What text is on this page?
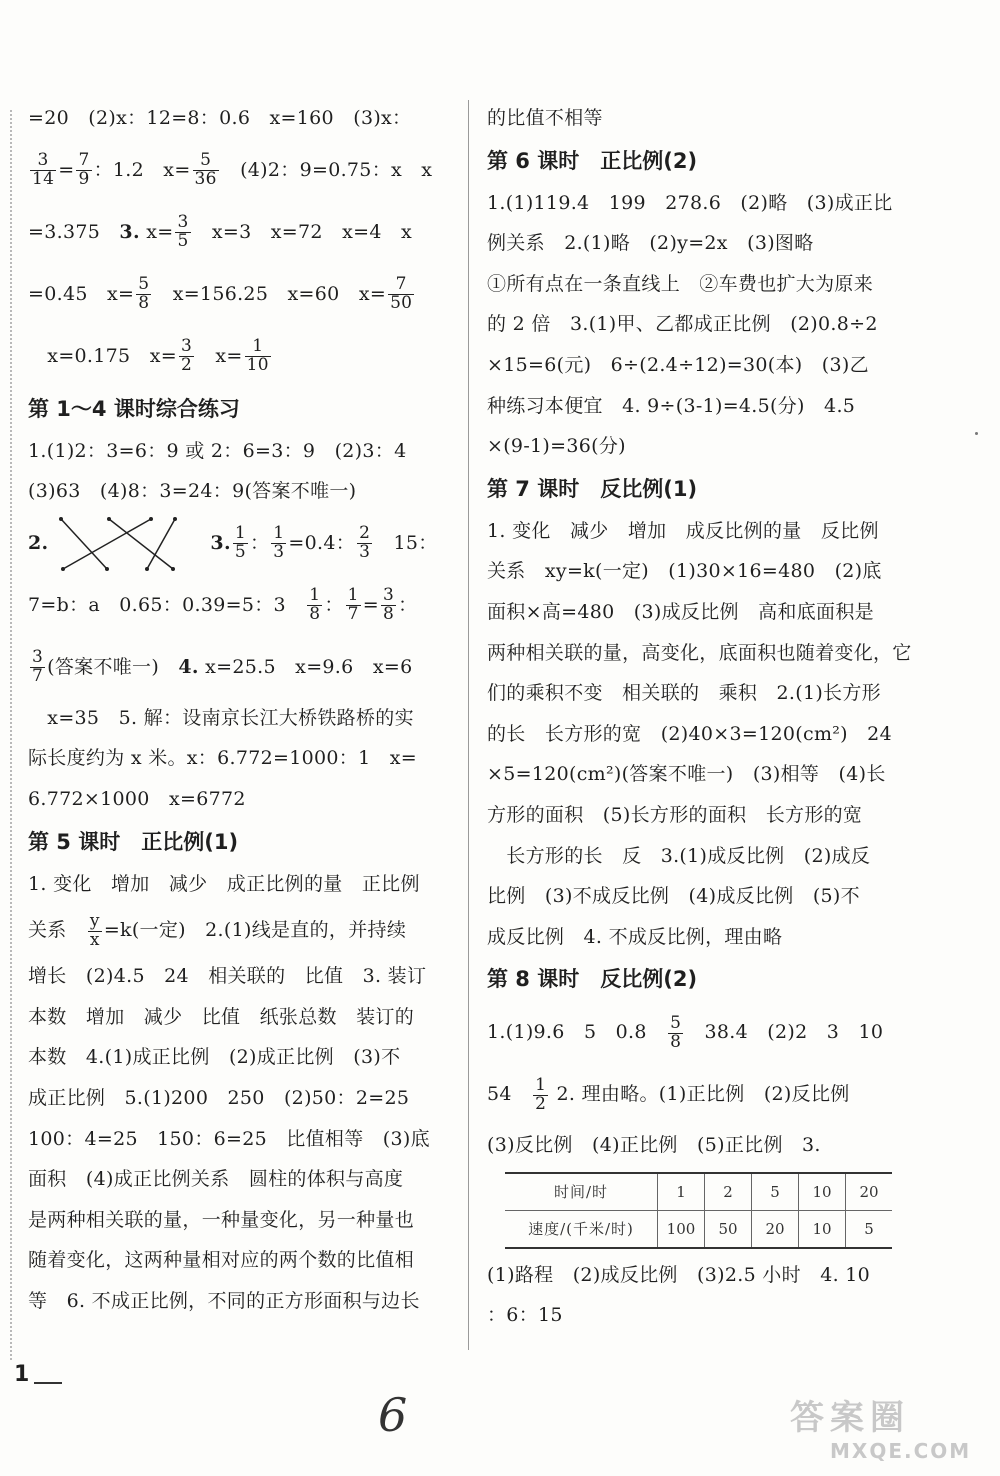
=20　(2)x：12=8：0.6　x=160　(3)x：
$\frac{3}{14} = \frac{7}{9}$ ：1.2　$x= \frac{5}{36}$ 　(4)2：9=0.75：x　x
=3.375　3. $x= \frac{3}{5}$ 　x=3　x=72　x=4　x
=0.45　$x= \frac{5}{8}$ 　x=156.25　x=60　$x= \frac{7}{50}$
　x=0.175　$x= \frac{3}{2}$ 　$x= \frac{1}{10}$
第 1～4 课时综合练习
1.(1)2：3=6：9 或 2：6=3：9　(2)3：4
(3)63　(4)8：3=24：9(答案不唯一)
2.  　	3. $\frac{1}{5}$ ： $\frac{1}{3} =0.4$： $\frac{2}{3}$ 　15：
7=b：a　0.65：0.39=5：3　 $\frac{1}{8}$ ： $\frac{1}{7} = \frac{3}{8}$ ：
$\frac{3}{7}$ (答案不唯一)　4. x=25.5　x=9.6　x=6
　x=35　5. 解：设南京长江大桥铁路桥的实
际长度约为 x 米。x：6.772=1000：1　x=
6.772×1000　x=6772
第 5 课时　正比例(1)
1. 变化　增加　减少　成正比例的量　正比例
关系　 $\frac{y}{x} =k$(一定)　2.(1)线是直的，并持续
增长　(2)4.5　24　相关联的　比值　3. 装订
本数　增加　减少　比值　纸张总数　装订的
本数　4.(1)成正比例　(2)成正比例　(3)不
成正比例　5.(1)200　250　(2)50：2=25
100：4=25　150：6=25　比值相等　(3)底
面积　(4)成正比例关系　圆柱的体积与高度
是两种相关联的量，一种量变化，另一种量也
随着变化，这两种量相对应的两个数的比值相
等　6. 不成正比例，不同的正方形面积与边长
的比值不相等
第 6 课时　正比例(2)
1.(1)119.4　199　278.6　(2)略　(3)成正比
例关系　2.(1)略　(2)y=2x　(3)图略
①所有点在一条直线上　②车费也扩大为原来
的 2 倍　3.(1)甲、乙都成正比例　(2)0.8÷2
×15=6(元)　6÷(2.4÷12)=30(本)　(3)乙
种练习本便宜　4. 9÷(3-1)=4.5(分)　4.5
×(9-1)=36(分)
第 7 课时　反比例(1)
1. 变化　减少　增加　成反比例的量　反比例
关系　xy=k(一定)　(1)30×16=480　(2)底
面积×高=480　(3)成反比例　高和底面积是
两种相关联的量，高变化，底面积也随着变化，它
们的乘积不变　相关联的　乘积　2.(1)长方形
的长　长方形的宽　(2)40×3=120(cm²)　24
×5=120(cm²)(答案不唯一)　(3)相等　(4)长
方形的面积　(5)长方形的面积　长方形的宽
　长方形的长　反　3.(1)成反比例　(2)成反
比例　(3)不成反比例　(4)成反比例　(5)不
成反比例　4. 不成反比例，理由略
第 8 课时　反比例(2)
1.(1)9.6　5　0.8　 $\frac{5}{8}$ 　38.4　(2)2　3　10
54　 $\frac{1}{2} 2$. 理由略。(1)正比例　(2)反比例
(3)反比例　(4)正比例　(5)正比例　3.
时间/时	1	2	5	10	20
速度/(千米/时)	100	50	20	10	5
(1)路程　(2)成反比例　(3)2.5 小时　4. 10
：6：15
1
6	答案圈
MXQE.COM
